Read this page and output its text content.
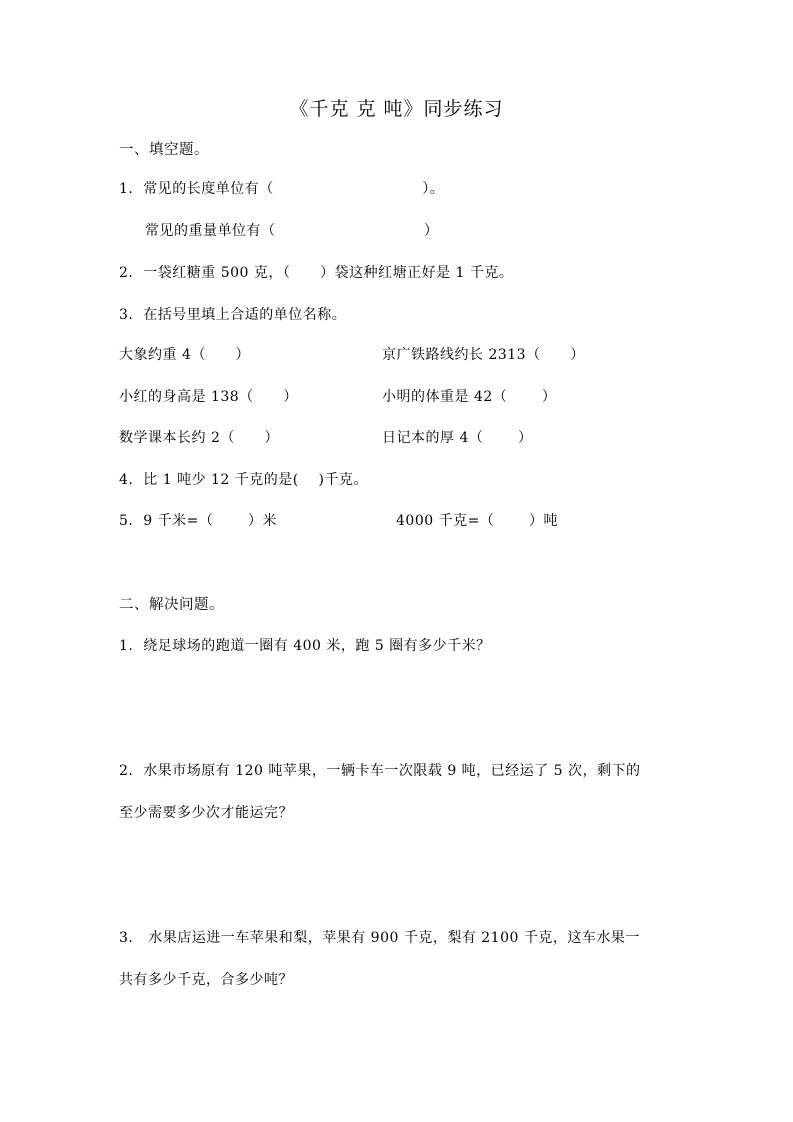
《千克 克 吨》同步练习
一、填空题。
1.  常见的长度单位有（                              ）。
常见的重量单位有（                              ）
2.  一袋红糖重 500 克，（      ）袋这种红塘正好是 1 千克。
3.  在括号里填上合适的单位名称。
大象约重 4（      ）	京广铁路线约长 2313（      ）
小红的身高是 138（      ）	小明的体重是 42（       ）
数学课本长约 2（      ）	日记本的厚 4（       ）
4.  比 1 吨少 12 千克的是(    )千克。
5.  9 千米=（       ）米	4000 千克=（       ）吨
二、解决问题。
1.  绕足球场的跑道一圈有 400 米，跑 5 圈有多少千米？
2.  水果市场原有 120 吨苹果，一辆卡车一次限载 9 吨，已经运了 5 次，剩下的
至少需要多少次才能运完？
3.   水果店运进一车苹果和梨，苹果有 900 千克，梨有 2100 千克，这车水果一
共有多少千克，合多少吨？
